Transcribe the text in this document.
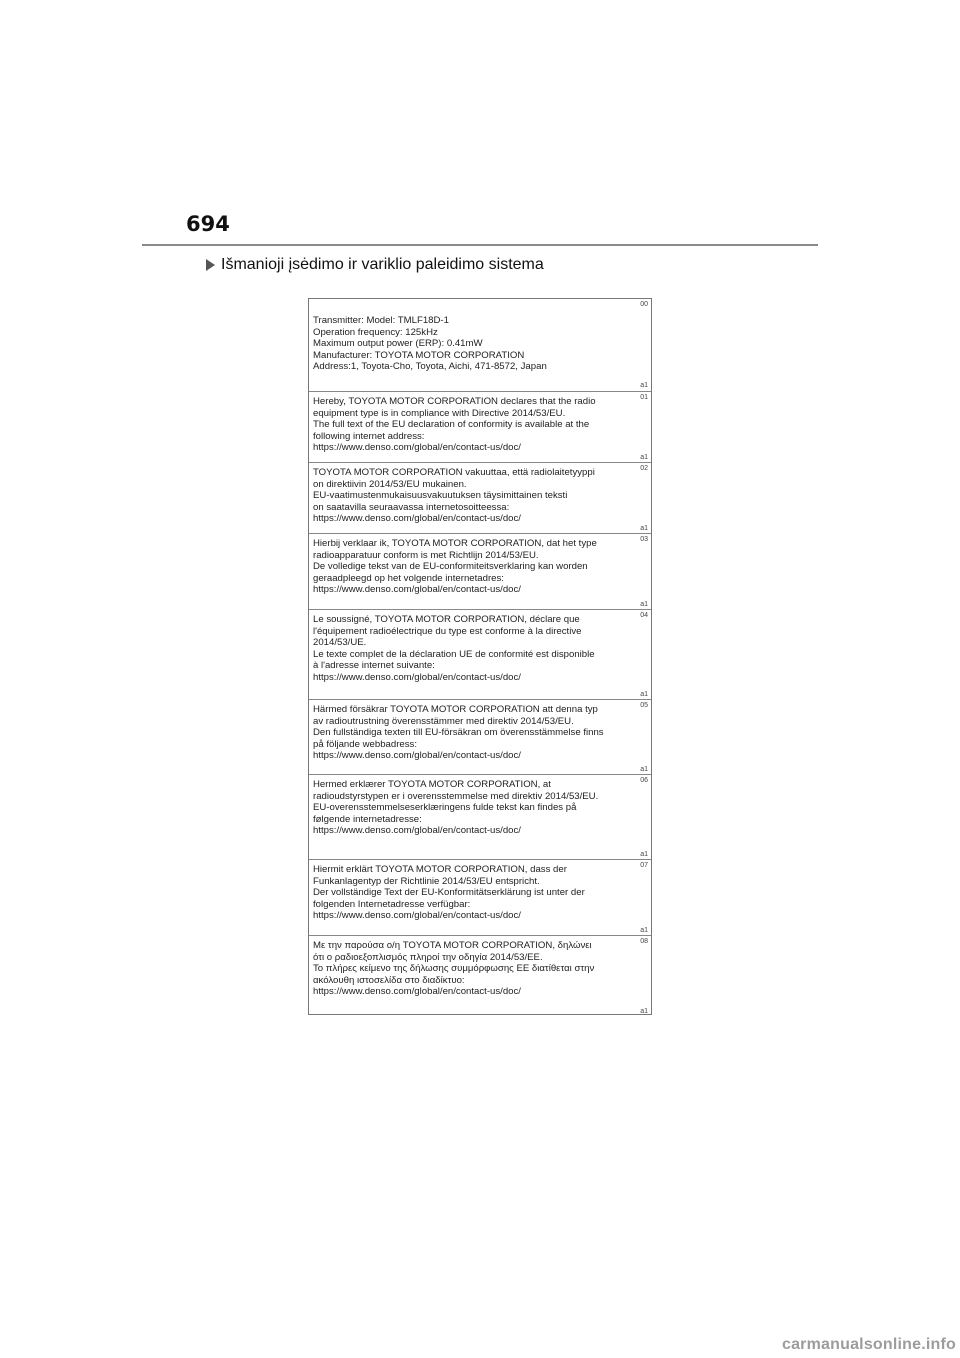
694
Išmanioji įsėdimo ir variklio paleidimo sistema
00
Transmitter: Model: TMLF18D-1
Operation frequency: 125kHz
Maximum output power (ERP): 0.41mW
Manufacturer: TOYOTA MOTOR CORPORATION
Address:1, Toyota-Cho, Toyota, Aichi, 471-8572, Japan
a1
01
Hereby, TOYOTA MOTOR CORPORATION declares that the radio
equipment type is in compliance with Directive 2014/53/EU.
The full text of the EU declaration of conformity is available at the
following internet address:
https://www.denso.com/global/en/contact-us/doc/
a1
02
TOYOTA MOTOR CORPORATION vakuuttaa, että radiolaitetyyppi
on direktiivin 2014/53/EU mukainen.
EU-vaatimustenmukaisuusvakuutuksen täysimittainen teksti
on saatavilla seuraavassa internetosoitteessa:
https://www.denso.com/global/en/contact-us/doc/
a1
03
Hierbij verklaar ik, TOYOTA MOTOR CORPORATION, dat het type
radioapparatuur conform is met Richtlijn 2014/53/EU.
De volledige tekst van de EU-conformiteitsverklaring kan worden
geraadpleegd op het volgende internetadres:
https://www.denso.com/global/en/contact-us/doc/
a1
04
Le soussigné, TOYOTA MOTOR CORPORATION, déclare que
l'équipement radioélectrique du type est conforme à la directive
2014/53/UE.
Le texte complet de la déclaration UE de conformité est disponible
à l'adresse internet suivante:
https://www.denso.com/global/en/contact-us/doc/
a1
05
Härmed försäkrar TOYOTA MOTOR CORPORATION att denna typ
av radioutrustning överensstämmer med direktiv 2014/53/EU.
Den fullständiga texten till EU-försäkran om överensstämmelse finns
på följande webbadress:
https://www.denso.com/global/en/contact-us/doc/
a1
06
Hermed erklærer TOYOTA MOTOR CORPORATION, at
radioudstyrstypen er i overensstemmelse med direktiv 2014/53/EU.
EU-overensstemmelseserklæringens fulde tekst kan findes på
følgende internetadresse:
https://www.denso.com/global/en/contact-us/doc/
a1
07
Hiermit erklärt TOYOTA MOTOR CORPORATION, dass der
Funkanlagentyp der Richtlinie 2014/53/EU entspricht.
Der vollständige Text der EU-Konformitätserklärung ist unter der
folgenden Internetadresse verfügbar:
https://www.denso.com/global/en/contact-us/doc/
a1
08
Με την παρούσα ο/η TOYOTA MOTOR CORPORATION, δηλώνει
ότι ο ραδιοεξοπλισμός πληροί την οδηγία 2014/53/ΕΕ.
Το πλήρες κείμενο της δήλωσης συμμόρφωσης ΕΕ διατίθεται στην
ακόλουθη ιστοσελίδα στο διαδίκτυο:
https://www.denso.com/global/en/contact-us/doc/
a1
carmanualsonline.info
